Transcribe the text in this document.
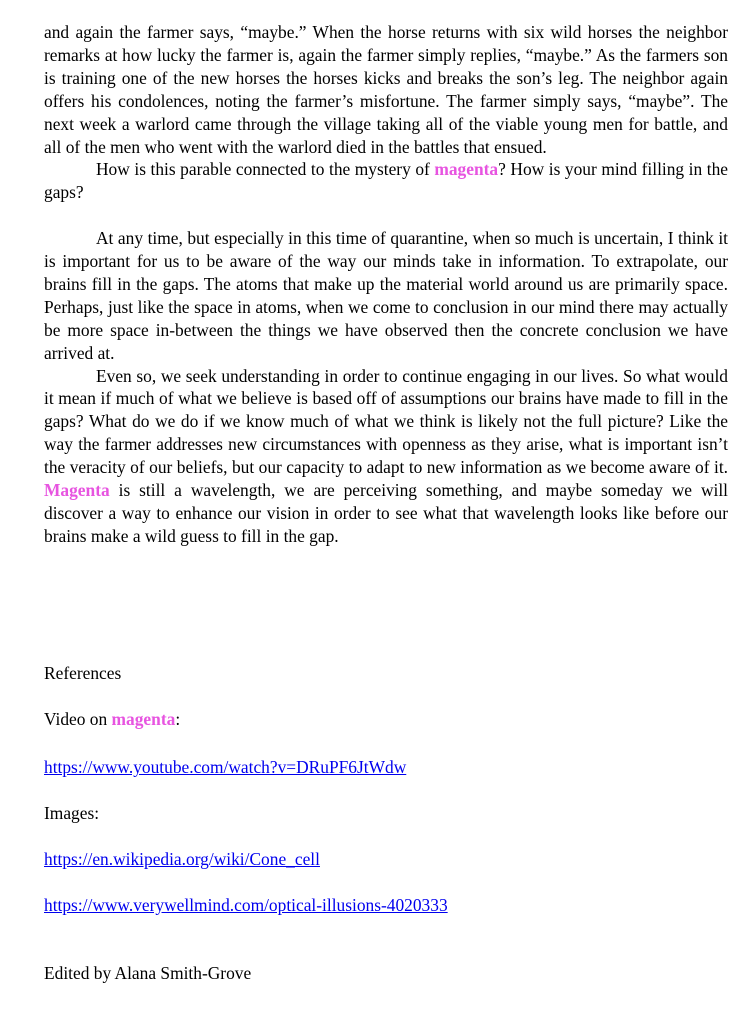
and again the farmer says, “maybe.” When the horse returns with six wild horses the neighbor remarks at how lucky the farmer is, again the farmer simply replies, “maybe.” As the farmers son is training one of the new horses the horses kicks and breaks the son’s leg. The neighbor again offers his condolences, noting the farmer’s misfortune. The farmer simply says, “maybe”. The next week a warlord came through the village taking all of the viable young men for battle, and all of the men who went with the warlord died in the battles that ensued.

How is this parable connected to the mystery of magenta? How is your mind filling in the gaps?

At any time, but especially in this time of quarantine, when so much is uncertain, I think it is important for us to be aware of the way our minds take in information. To extrapolate, our brains fill in the gaps. The atoms that make up the material world around us are primarily space. Perhaps, just like the space in atoms, when we come to conclusion in our mind there may actually be more space in-between the things we have observed then the concrete conclusion we have arrived at.

Even so, we seek understanding in order to continue engaging in our lives. So what would it mean if much of what we believe is based off of assumptions our brains have made to fill in the gaps? What do we do if we know much of what we think is likely not the full picture? Like the way the farmer addresses new circumstances with openness as they arise, what is important isn’t the veracity of our beliefs, but our capacity to adapt to new information as we become aware of it. Magenta is still a wavelength, we are perceiving something, and maybe someday we will discover a way to enhance our vision in order to see what that wavelength looks like before our brains make a wild guess to fill in the gap.

References

Video on magenta:

https://www.youtube.com/watch?v=DRuPF6JtWdw

Images:

https://en.wikipedia.org/wiki/Cone_cell

https://www.verywellmind.com/optical-illusions-4020333

Edited by Alana Smith-Grove
